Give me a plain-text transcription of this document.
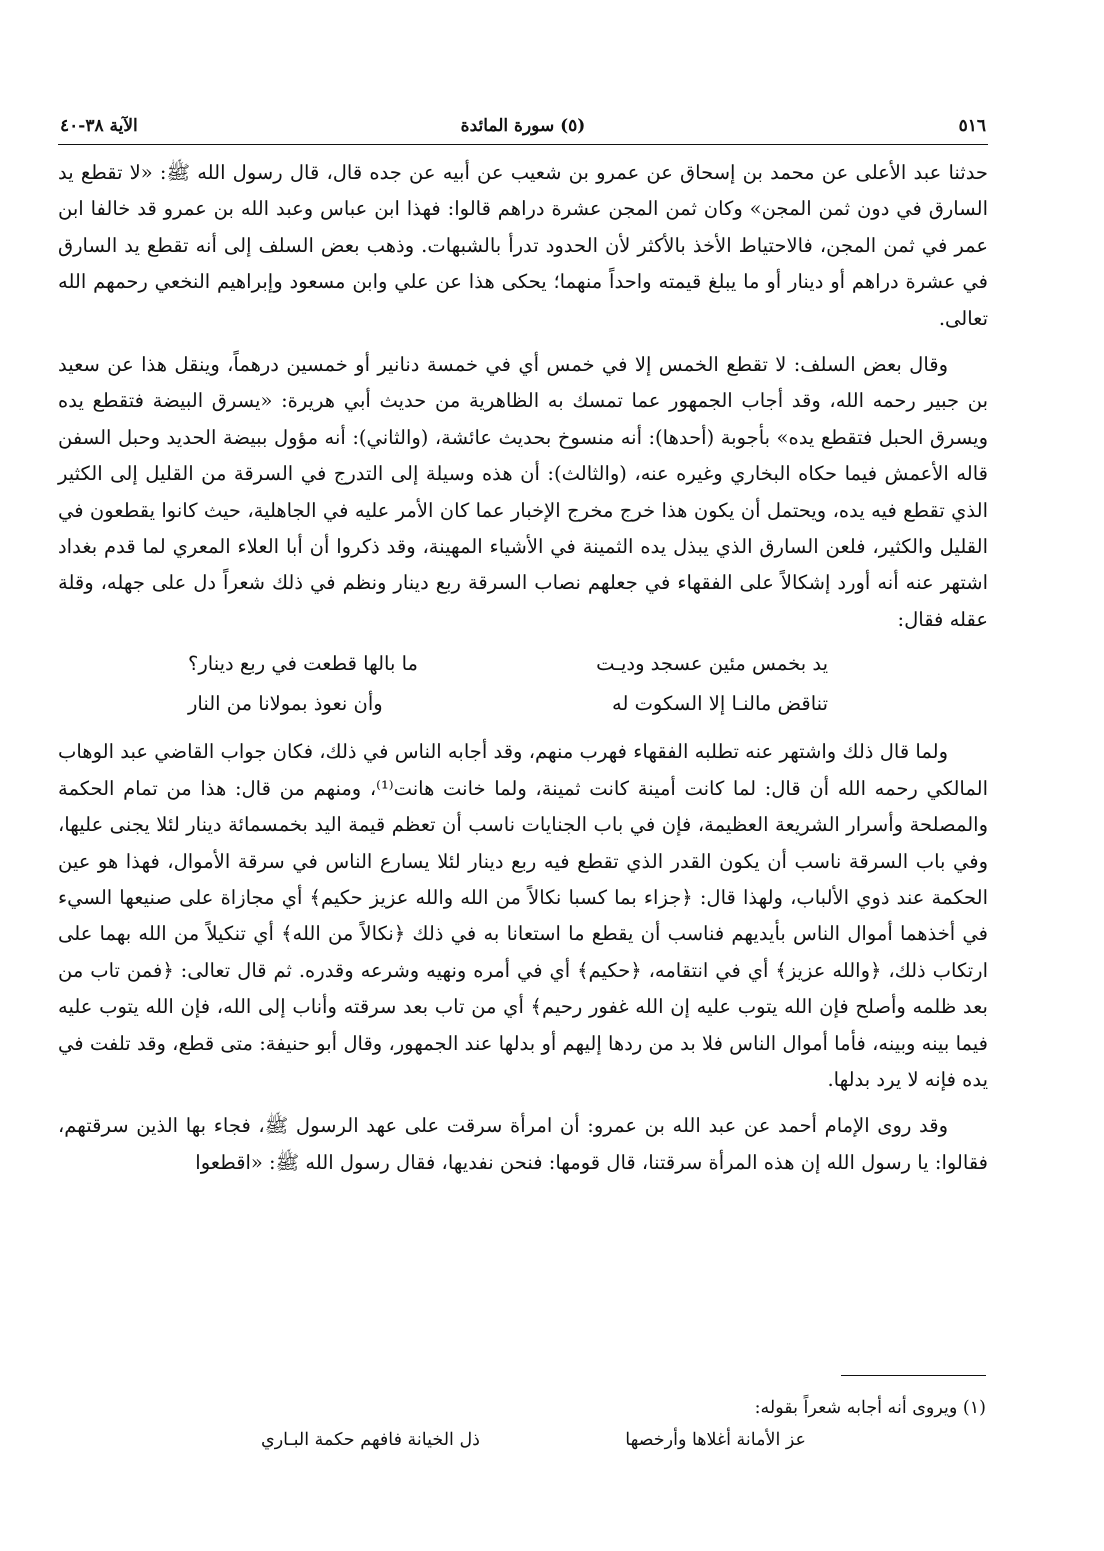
٥١٦
(٥) سورة المائدة
الآية ٣٨-٤٠

حدثنا عبد الأعلى عن محمد بن إسحاق عن عمرو بن شعيب عن أبيه عن جده قال، قال رسول الله ﷺ: «لا تقطع يد السارق في دون ثمن المجن» وكان ثمن المجن عشرة دراهم قالوا: فهذا ابن عباس وعبد الله بن عمرو قد خالفا ابن عمر في ثمن المجن، فالاحتياط الأخذ بالأكثر لأن الحدود تدرأ بالشبهات. وذهب بعض السلف إلى أنه تقطع يد السارق في عشرة دراهم أو دينار أو ما يبلغ قيمته واحداً منهما؛ يحكى هذا عن علي وابن مسعود وإبراهيم النخعي رحمهم الله تعالى.

وقال بعض السلف: لا تقطع الخمس إلا في خمس أي في خمسة دنانير أو خمسين درهماً، وينقل هذا عن سعيد بن جبير رحمه الله، وقد أجاب الجمهور عما تمسك به الظاهرية من حديث أبي هريرة: «يسرق البيضة فتقطع يده ويسرق الحبل فتقطع يده» بأجوبة (أحدها): أنه منسوخ بحديث عائشة، (والثاني): أنه مؤول ببيضة الحديد وحبل السفن قاله الأعمش فيما حكاه البخاري وغيره عنه، (والثالث): أن هذه وسيلة إلى التدرج في السرقة من القليل إلى الكثير الذي تقطع فيه يده، ويحتمل أن يكون هذا خرج مخرج الإخبار عما كان الأمر عليه في الجاهلية، حيث كانوا يقطعون في القليل والكثير، فلعن السارق الذي يبذل يده الثمينة في الأشياء المهينة، وقد ذكروا أن أبا العلاء المعري لما قدم بغداد اشتهر عنه أنه أورد إشكالاً على الفقهاء في جعلهم نصاب السرقة ربع دينار ونظم في ذلك شعراً دل على جهله، وقلة عقله فقال:

يد بخمس مئين عسجد وديـت
ما بالها قطعت في ربع دينار؟
تناقض مالنـا إلا السكوت له
وأن نعوذ بمولانا من النار

ولما قال ذلك واشتهر عنه تطلبه الفقهاء فهرب منهم، وقد أجابه الناس في ذلك، فكان جواب القاضي عبد الوهاب المالكي رحمه الله أن قال: لما كانت أمينة كانت ثمينة، ولما خانت هانت⁽¹⁾، ومنهم من قال: هذا من تمام الحكمة والمصلحة وأسرار الشريعة العظيمة، فإن في باب الجنايات ناسب أن تعظم قيمة اليد بخمسمائة دينار لئلا يجنى عليها، وفي باب السرقة ناسب أن يكون القدر الذي تقطع فيه ربع دينار لئلا يسارع الناس في سرقة الأموال، فهذا هو عين الحكمة عند ذوي الألباب، ولهذا قال: ﴿جزاء بما كسبا نكالاً من الله والله عزيز حكيم﴾ أي مجازاة على صنيعها السيء في أخذهما أموال الناس بأيديهم فناسب أن يقطع ما استعانا به في ذلك ﴿نكالاً من الله﴾ أي تنكيلاً من الله بهما على ارتكاب ذلك، ﴿والله عزيز﴾ أي في انتقامه، ﴿حكيم﴾ أي في أمره ونهيه وشرعه وقدره. ثم قال تعالى: ﴿فمن تاب من بعد ظلمه وأصلح فإن الله يتوب عليه إن الله غفور رحيم﴾ أي من تاب بعد سرقته وأناب إلى الله، فإن الله يتوب عليه فيما بينه وبينه، فأما أموال الناس فلا بد من ردها إليهم أو بدلها عند الجمهور، وقال أبو حنيفة: متى قطع، وقد تلفت في يده فإنه لا يرد بدلها.

وقد روى الإمام أحمد عن عبد الله بن عمرو: أن امرأة سرقت على عهد الرسول ﷺ، فجاء بها الذين سرقتهم، فقالوا: يا رسول الله إن هذه المرأة سرقتنا، قال قومها: فنحن نفديها، فقال رسول الله ﷺ: «اقطعوا

(١) ويروى أنه أجابه شعراً بقوله:

عز الأمانة أغلاها وأرخصها
ذل الخيانة فافهم حكمة البـاري
